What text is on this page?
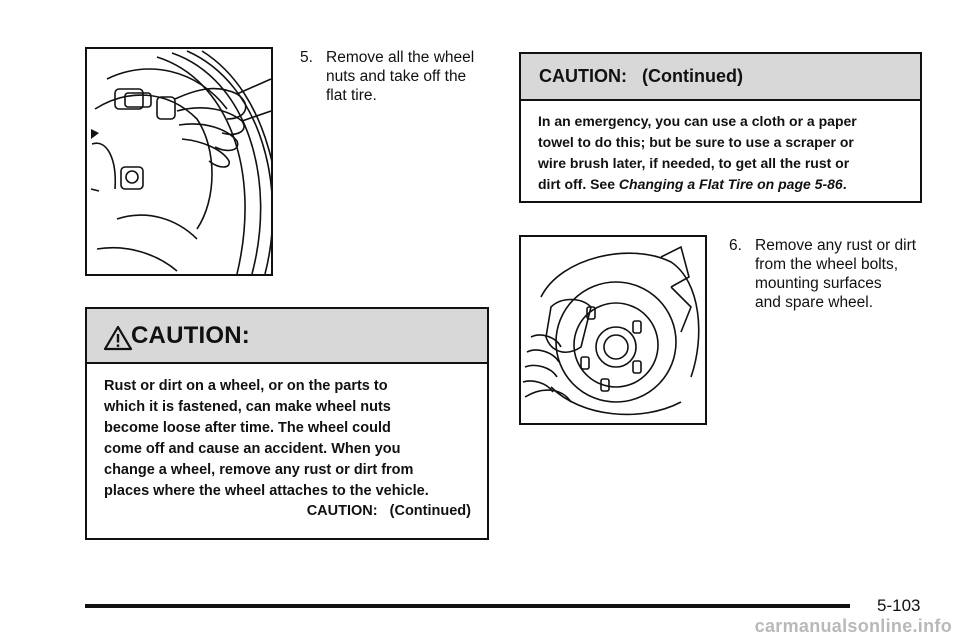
5. Remove all the wheel
nuts and take off the
flat tire.
CAUTION:
Rust or dirt on a wheel, or on the parts to
which it is fastened, can make wheel nuts
become loose after time. The wheel could
come off and cause an accident. When you
change a wheel, remove any rust or dirt from
places where the wheel attaches to the vehicle.
CAUTION:   (Continued)
CAUTION:   (Continued)
In an emergency, you can use a cloth or a paper
towel to do this; but be sure to use a scraper or
wire brush later, if needed, to get all the rust or
dirt off. See Changing a Flat Tire on page 5-86.
6. Remove any rust or dirt
from the wheel bolts,
mounting surfaces
and spare wheel.
5-103
carmanualsonline.info
